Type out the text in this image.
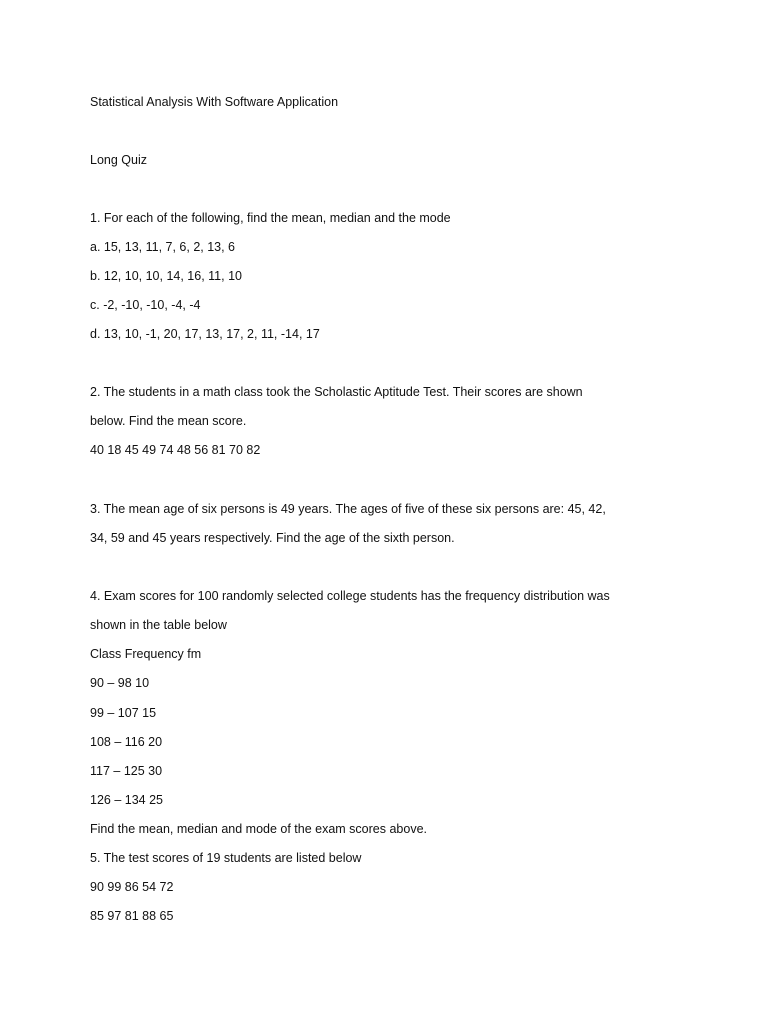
Statistical Analysis With Software Application
Long Quiz
1. For each of the following, find the mean, median and the mode
a. 15, 13, 11, 7, 6, 2, 13, 6
b. 12, 10, 10, 14, 16, 11, 10
c. -2, -10, -10, -4, -4
d. 13, 10, -1, 20, 17, 13, 17, 2, 11, -14, 17
2. The students in a math class took the Scholastic Aptitude Test. Their scores are shown
below. Find the mean score.
40 18 45 49 74 48 56 81 70 82
3. The mean age of six persons is 49 years. The ages of five of these six persons are: 45, 42,
34, 59 and 45 years respectively. Find the age of the sixth person.
4. Exam scores for 100 randomly selected college students has the frequency distribution was
shown in the table below
Class Frequency fm
90 – 98 10
99 – 107 15
108 – 116 20
117 – 125 30
126 – 134 25
Find the mean, median and mode of the exam scores above.
5. The test scores of 19 students are listed below
90 99 86 54 72
85 97 81 88 65
